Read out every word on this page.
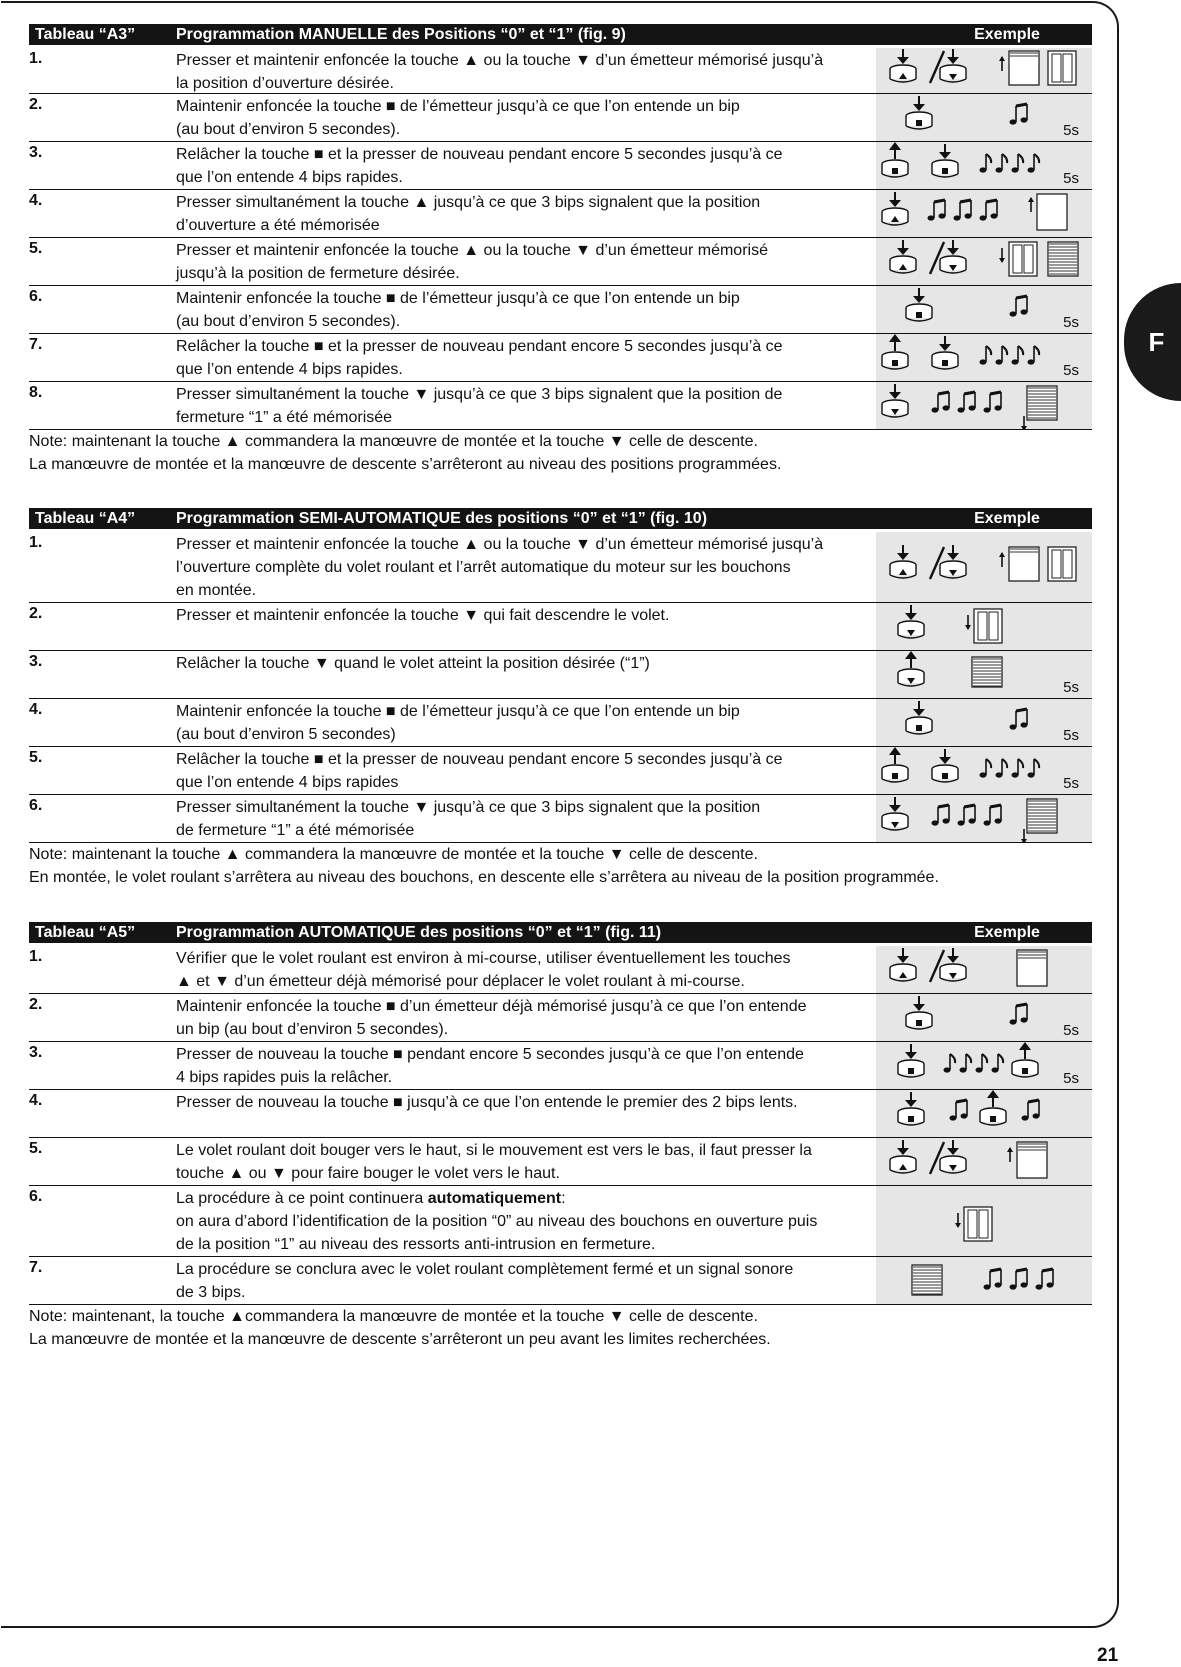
F
21
Tableau “A3”	Programmation MANUELLE des Positions “0” et “1” (fig. 9)	Exemple
1.	Presser et maintenir enfoncée la touche ▲ ou la touche ▼ d’un émetteur mémorisé jusqu’à
la position d’ouverture désirée.
2.	Maintenir enfoncée la touche ■ de l’émetteur jusqu’à ce que l’on entende un bip
(au bout d’environ 5 secondes).	5s
3.	Relâcher la touche ■ et la presser de nouveau pendant encore 5 secondes jusqu’à ce
que l’on entende 4 bips rapides.	5s
4.	Presser simultanément la touche ▲ jusqu’à ce que 3 bips signalent que la position
d’ouverture a été mémorisée
5.	Presser et maintenir enfoncée la touche ▲ ou la touche ▼ d’un émetteur mémorisé
jusqu’à la position de fermeture désirée.
6.	Maintenir enfoncée la touche ■ de l’émetteur jusqu’à ce que l’on entende un bip
(au bout d’environ 5 secondes).	5s
7.	Relâcher la touche ■ et la presser de nouveau pendant encore 5 secondes jusqu’à ce
que l’on entende 4 bips rapides.	5s
8.	Presser simultanément la touche ▼ jusqu’à ce que 3 bips signalent que la position de
fermeture “1” a été mémorisée
Note: maintenant la touche ▲ commandera la manœuvre de montée et la touche ▼ celle de descente.
La manœuvre de montée et la manœuvre de descente s’arrêteront au niveau des positions programmées.
Tableau “A4”	Programmation SEMI-AUTOMATIQUE des positions “0” et “1” (fig. 10)	Exemple
1.	Presser et maintenir enfoncée la touche ▲ ou la touche ▼ d’un émetteur mémorisé jusqu’à
l’ouverture complète du volet roulant et l’arrêt automatique du moteur sur les bouchons
en montée.
2.	Presser et maintenir enfoncée la touche ▼ qui fait descendre le volet.
3.	Relâcher la touche ▼ quand le volet atteint la position désirée (“1”)
5s
4.	Maintenir enfoncée la touche ■ de l’émetteur jusqu’à ce que l’on entende un bip
(au bout d’environ 5 secondes)	5s
5.	Relâcher la touche ■ et la presser de nouveau pendant encore 5 secondes jusqu’à ce
que l’on entende 4 bips rapides	5s
6.	Presser simultanément la touche ▼ jusqu’à ce que 3 bips signalent que la position
de fermeture “1” a été mémorisée
Note: maintenant la touche ▲ commandera la manœuvre de montée et la touche ▼ celle de descente.
En montée, le volet roulant s’arrêtera au niveau des bouchons, en descente elle s’arrêtera au niveau de la position programmée.
Tableau “A5”	Programmation AUTOMATIQUE des positions “0” et “1” (fig. 11)	Exemple
1.	Vérifier que le volet roulant est environ à mi-course, utiliser éventuellement les touches
▲ et ▼ d’un émetteur déjà mémorisé pour déplacer le volet roulant à mi-course.
2.	Maintenir enfoncée la touche ■ d’un émetteur déjà mémorisé jusqu’à ce que l’on entende
un bip (au bout d’environ 5 secondes).	5s
3.	Presser de nouveau la touche ■ pendant encore 5 secondes jusqu’à ce que l’on entende
4 bips rapides puis la relâcher.	5s
4.	Presser de nouveau la touche ■ jusqu’à ce que l’on entende le premier des 2 bips lents.
5.	Le volet roulant doit bouger vers le haut, si le mouvement est vers le bas, il faut presser la
touche ▲ ou ▼ pour faire bouger le volet vers le haut.
6.	La procédure à ce point continuera automatiquement:
on aura d’abord l’identification de la position “0” au niveau des bouchons en ouverture puis
de la position “1” au niveau des ressorts anti-intrusion en fermeture.
7.	La procédure se conclura avec le volet roulant complètement fermé et un signal sonore
de 3 bips.
Note: maintenant, la touche ▲commandera la manœuvre de montée et la touche ▼ celle de descente.
La manœuvre de montée et la manœuvre de descente s’arrêteront un peu avant les limites recherchées.
